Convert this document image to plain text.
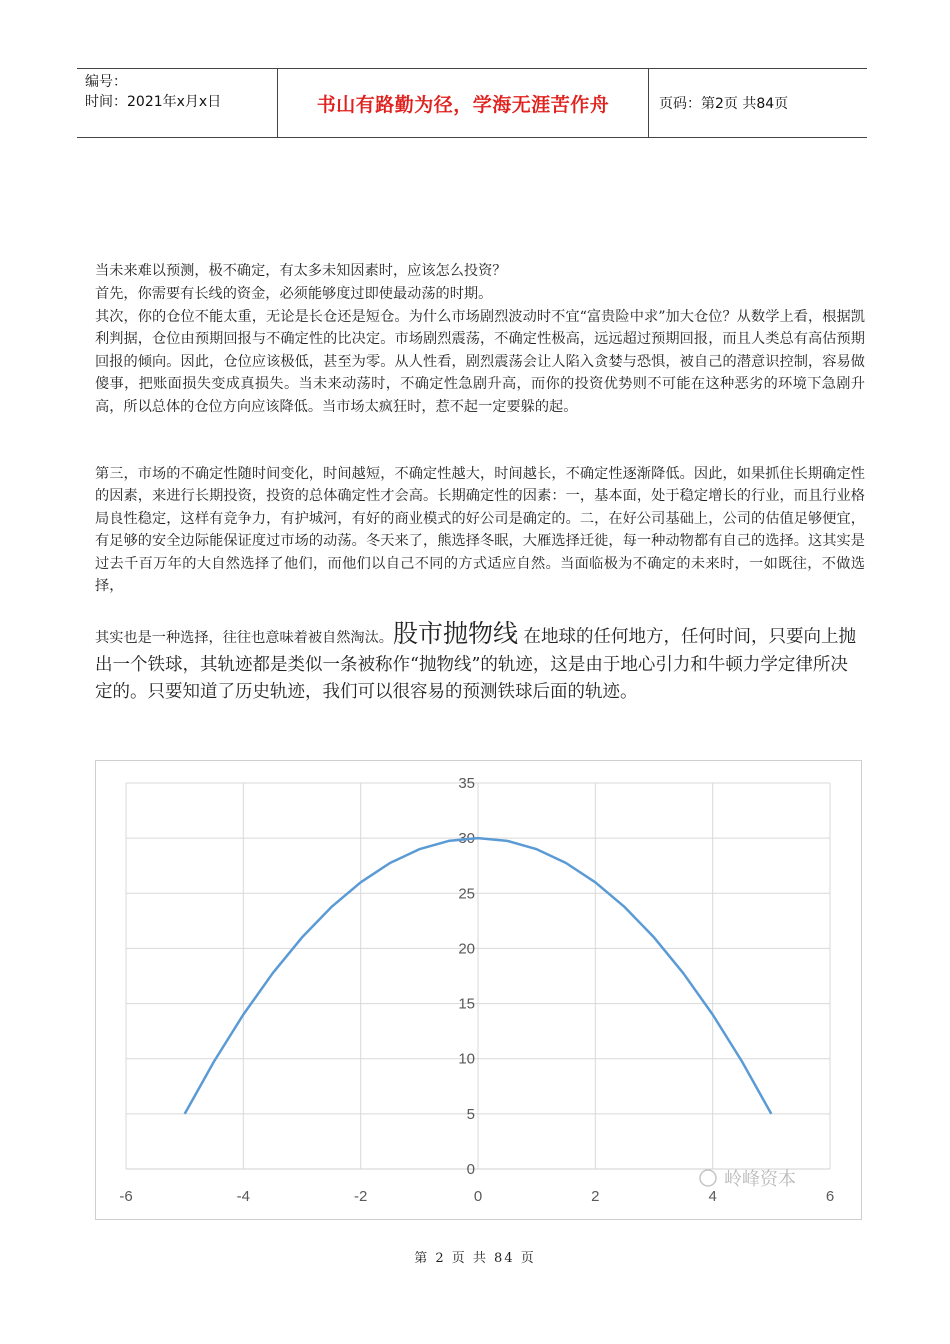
编号：
时间：2021年x月x日	书山有路勤为径，学海无涯苦作舟	页码：第2页 共84页

当未来难以预测，极不确定，有太多未知因素时，应该怎么投资？

首先，你需要有长线的资金，必须能够度过即使最动荡的时期。

其次，你的仓位不能太重，无论是长仓还是短仓。为什么市场剧烈波动时不宜“富贵险中求”加大仓位？从数学上看，根据凯利判据，仓位由预期回报与不确定性的比决定。市场剧烈震荡，不确定性极高，远远超过预期回报，而且人类总有高估预期回报的倾向。因此，仓位应该极低，甚至为零。从人性看，剧烈震荡会让人陷入贪婪与恐惧，被自己的潜意识控制，容易做傻事，把账面损失变成真损失。当未来动荡时，不确定性急剧升高，而你的投资优势则不可能在这种恶劣的环境下急剧升高，所以总体的仓位方向应该降低。当市场太疯狂时，惹不起一定要躲的起。

第三，市场的不确定性随时间变化，时间越短，不确定性越大，时间越长，不确定性逐渐降低。因此，如果抓住长期确定性的因素，来进行长期投资，投资的总体确定性才会高。长期确定性的因素：一，基本面，处于稳定增长的行业，而且行业格局良性稳定，这样有竞争力，有护城河，有好的商业模式的好公司是确定的。二，在好公司基础上，公司的估值足够便宜，有足够的安全边际能保证度过市场的动荡。冬天来了，熊选择冬眠，大雁选择迁徙，每一种动物都有自己的选择。这其实是过去千百万年的大自然选择了他们，而他们以自己不同的方式适应自然。当面临极为不确定的未来时，一如既往，不做选择，

其实也是一种选择，往往也意味着被自然淘汰。股市抛物线 在地球的任何地方，任何时间，只要向上抛出一个铁球，其轨迹都是类似一条被称作“抛物线”的轨迹，这是由于地心引力和牛顿力学定律所决定的。只要知道了历史轨迹，我们可以很容易的预测铁球后面的轨迹。

0
5
10
15
20
25
30
35
-6	-4	-2	0	2	4	6
岭峰资本
第 2 页 共 84 页
